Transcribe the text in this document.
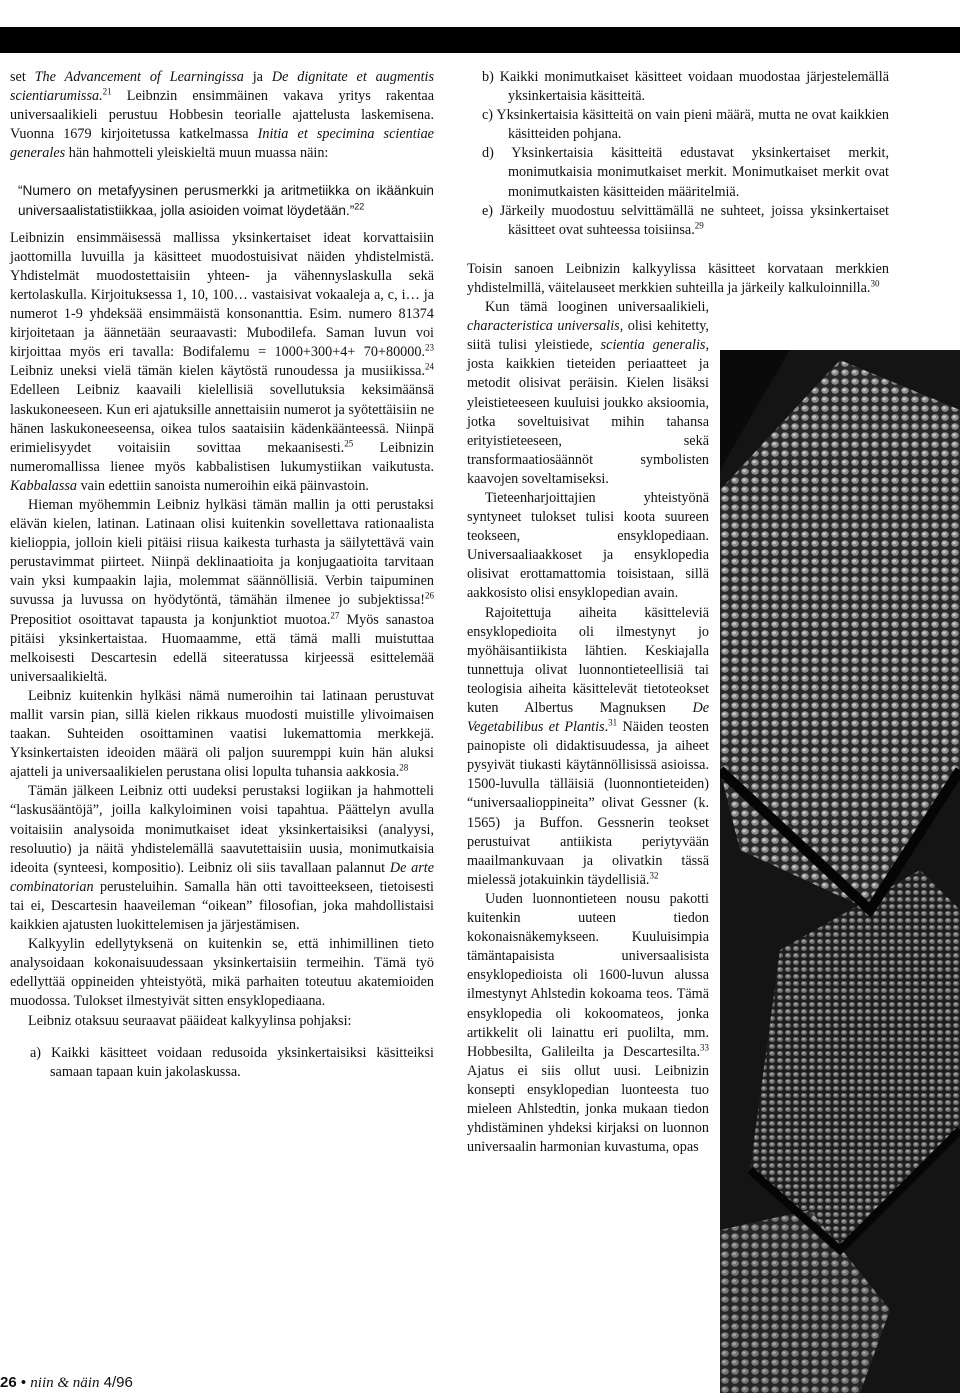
set The Advancement of Learningissa ja De dignitate et augmentis scientiarumissa.$^{21}$ Leibnzin ensimmäinen vakava yritys rakentaa universaalikieli perustuu Hobbesin teorialle ajattelusta laskemisena. Vuonna 1679 kirjoitetussa katkelmassa Initia et specimina scientiae generales hän hahmotteli yleiskieltä muun muassa näin:

“Numero on metafyysinen perusmerkki ja aritmetiikka on ikäänkuin universaalistatistiikkaa, jolla asioiden voimat löydetään.”$^{22}$

Leibnizin ensimmäisessä mallissa yksinkertaiset ideat korvattaisiin jaottomilla luvuilla ja käsitteet muodostuisivat näiden yhdistelmistä. Yhdistelmät muodostettaisiin yhteen- ja vähennyslaskulla sekä kertolaskulla. Kirjoituksessa 1, 10, 100… vastaisivat vokaaleja a, c, i… ja numerot 1-9 yhdeksää ensimmäistä konsonanttia. Esim. numero 81374 kirjoitetaan ja äännetään seuraavasti: Mubodilefa. Saman luvun voi kirjoittaa myös eri tavalla: Bodifalemu = 1000+300+4+ 70+80000.23 Leibniz uneksi vielä tämän kielen käytöstä runoudessa ja musiikissa.$^{24}$ Edelleen Leibniz kaavaili kielellisiä sovellutuksia keksimäänsä laskukoneeseen. Kun eri ajatuksille annettaisiin numerot ja syötettäisiin ne hänen laskukoneeseensa, oikea tulos saataisiin kädenkäänteessä. Niinpä erimielisyydet voitaisiin sovittaa mekaanisesti.$^{25}$ Leibnizin numeromallissa lienee myös kabbalistisen lukumystiikan vaikutusta. Kabbalassa vain edettiin sanoista numeroihin eikä päinvastoin.

Hieman myöhemmin Leibniz hylkäsi tämän mallin ja otti perustaksi elävän kielen, latinan. Latinaan olisi kuitenkin sovellettava rationaalista kielioppia, jolloin kieli pitäisi riisua kaikesta turhasta ja säilytettävä vain perustavimmat piirteet. Niinpä deklinaatioita ja konjugaatioita tarvitaan vain yksi kumpaakin lajia, molemmat säännöllisiä. Verbin taipuminen suvussa ja luvussa on hyödytöntä, tämähän ilmenee jo subjektissa!$^{26}$ Prepositiot osoittavat tapausta ja konjunktiot muotoa.$^{27}$ Myös sanastoa pitäisi yksinkertaistaa. Huomaamme, että tämä malli muistuttaa melkoisesti Descartesin edellä siteeratussa kirjeessä esittelemää universaalikieltä.

Leibniz kuitenkin hylkäsi nämä numeroihin tai latinaan perustuvat mallit varsin pian, sillä kielen rikkaus muodosti muistille ylivoimaisen taakan. Suhteiden osoittaminen vaatisi lukemattomia merkkejä. Yksinkertaisten ideoiden määrä oli paljon suuremppi kuin hän aluksi ajatteli ja universaalikielen perustana olisi lopulta tuhansia aakkosia.$^{28}$

Tämän jälkeen Leibniz otti uudeksi perustaksi logiikan ja hahmotteli “laskusääntöjä”, joilla kalkyloiminen voisi tapahtua. Päättelyn avulla voitaisiin analysoida monimutkaiset ideat yksinkertaisiksi (analyysi, resoluutio) ja näitä yhdistelemällä saavutettaisiin uusia, monimutkaisia ideoita (synteesi, kompositio). Leibniz oli siis tavallaan palannut De arte combinatorian perusteluihin. Samalla hän otti tavoitteekseen, tietoisesti tai ei, Descartesin haaveileman “oikean” filosofian, joka mahdollistaisi kaikkien ajatusten luokittelemisen ja järjestämisen.

Kalkyylin edellytyksenä on kuitenkin se, että inhimillinen tieto analysoidaan kokonaisuudessaan yksinkertaisiin termeihin. Tämä työ edellyttää oppineiden yhteistyötä, mikä parhaiten toteutuu akatemioiden muodossa. Tulokset ilmestyivät sitten ensyklopediaana.

Leibniz otaksuu seuraavat pääideat kalkyylinsa pohjaksi:

a) Kaikki käsitteet voidaan redusoida yksinkertaisiksi käsitteiksi samaan tapaan kuin jakolaskussa.
b) Kaikki monimutkaiset käsitteet voidaan muodostaa järjestelemällä yksinkertaisia käsitteitä.
c) Yksinkertaisia käsitteitä on vain pieni määrä, mutta ne ovat kaikkien käsitteiden pohjana.
d) Yksinkertaisia käsitteitä edustavat yksinkertaiset merkit, monimutkaisia monimutkaiset merkit. Monimutkaiset merkit ovat monimutkaisten käsitteiden määritelmiä.
e) Järkeily muodostuu selvittämällä ne suhteet, joissa yksinkertaiset käsitteet ovat suhteessa toisiinsa.$^{29}$

Toisin sanoen Leibnizin kalkyylissa käsitteet korvataan merkkien yhdistelmillä, väitelauseet merkkien suhteilla ja järkeily kalkuloinnilla.$^{30}$

Kun tämä looginen universaalikieli, characteristica universalis, olisi kehitetty, siitä tulisi yleistiede, scientia generalis, josta kaikkien tieteiden periaatteet ja metodit olisivat peräisin. Kielen lisäksi yleistieteeseen kuuluisi joukko aksioomia, jotka soveltuisivat mihin tahansa erityistieteeseen, sekä transformaatiosäännöt symbolisten kaavojen soveltamiseksi.

Tieteenharjoittajien yhteistyönä syntyneet tulokset tulisi koota suureen teokseen, ensyklopediaan. Universaaliaakkoset ja ensyklopedia olisivat erottamattomia toisistaan, sillä aakkosisto olisi ensyklopedian avain.

Rajoitettuja aiheita käsitteleviä ensyklopedioita oli ilmestynyt jo myöhäisantiikista lähtien. Keskiajalla tunnettuja olivat luonnontieteellisiä tai teologisia aiheita käsittelevät tietoteokset kuten Albertus Magnuksen De Vegetabilibus et Plantis.$^{31}$ Näiden teosten painopiste oli didaktisuudessa, ja aiheet pysyivät tiukasti käytännöllisissä asioissa. 1500-luvulla tälläisiä (luonnontieteiden) “universaalioppineita” olivat Gessner (k. 1565) ja Buffon. Gessnerin teokset perustuivat antiikista periytyvään maailmankuvaan ja olivatkin tässä mielessä jotakuinkin täydellisiä.$^{32}$

Uuden luonnontieteen nousu pakotti kuitenkin uuteen tiedon kokonaisnäkemykseen. Kuuluisimpia tämäntapaisista universaalisista ensyklopedioista oli 1600-luvun alussa ilmestynyt Ahlstedin kokoama teos. Tämä ensyklopedia oli kokoomateos, jonka artikkelit oli lainattu eri puolilta, mm. Hobbesilta, Galileilta ja Descartesilta.$^{33}$ Ajatus ei siis ollut uusi. Leibnizin konsepti ensyklopedian luonteesta tuo mieleen Ahlstedtin, jonka mukaan tiedon yhdistäminen yhdeksi kirjaksi on luonnon universaalin harmonian kuvastuma, opas

26 • niin & näin 4/96
